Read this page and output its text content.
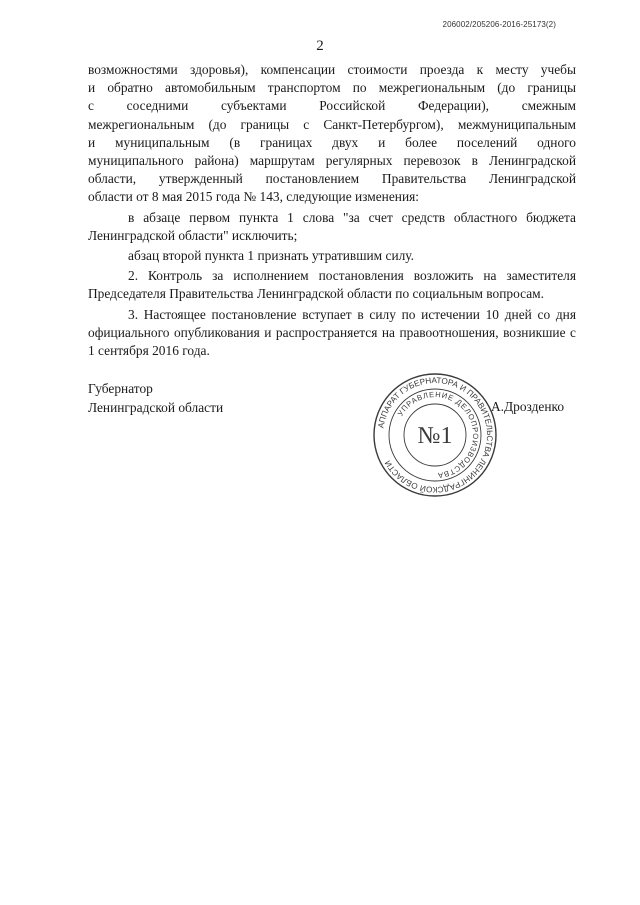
206002/205206-2016-25173(2)
2

возможностями здоровья), компенсации стоимости проезда к месту учебы

и обратно автомобильным транспортом по межрегиональным (до границы

с соседними субъектами Российской Федерации), смежным

межрегиональным (до границы с Санкт-Петербургом), межмуниципальным

и муниципальным (в границах двух и более поселений одного

муниципального района) маршрутам регулярных перевозок в Ленинградской

области, утвержденный постановлением Правительства Ленинградской

области от 8 мая 2015 года № 143, следующие изменения:

в абзаце первом пункта 1 слова "за счет средств областного бюджета Ленинградской области" исключить;

абзац второй пункта 1 признать утратившим силу.

2. Контроль за исполнением постановления возложить на заместителя Председателя Правительства Ленинградской области по социальным вопросам.

3. Настоящее постановление вступает в силу по истечении 10 дней со дня официального опубликования и распространяется на правоотношения, возникшие с 1 сентября 2016 года.

Губернатор
Ленинградской области	А.Дрозденко
АППАРАТ ГУБЕРНАТОРА И ПРАВИТЕЛЬСТВА ЛЕНИНГРАДСКОЙ ОБЛАСТИ
УПРАВЛЕНИЕ ДЕЛОПРОИЗВОДСТВА
№1
